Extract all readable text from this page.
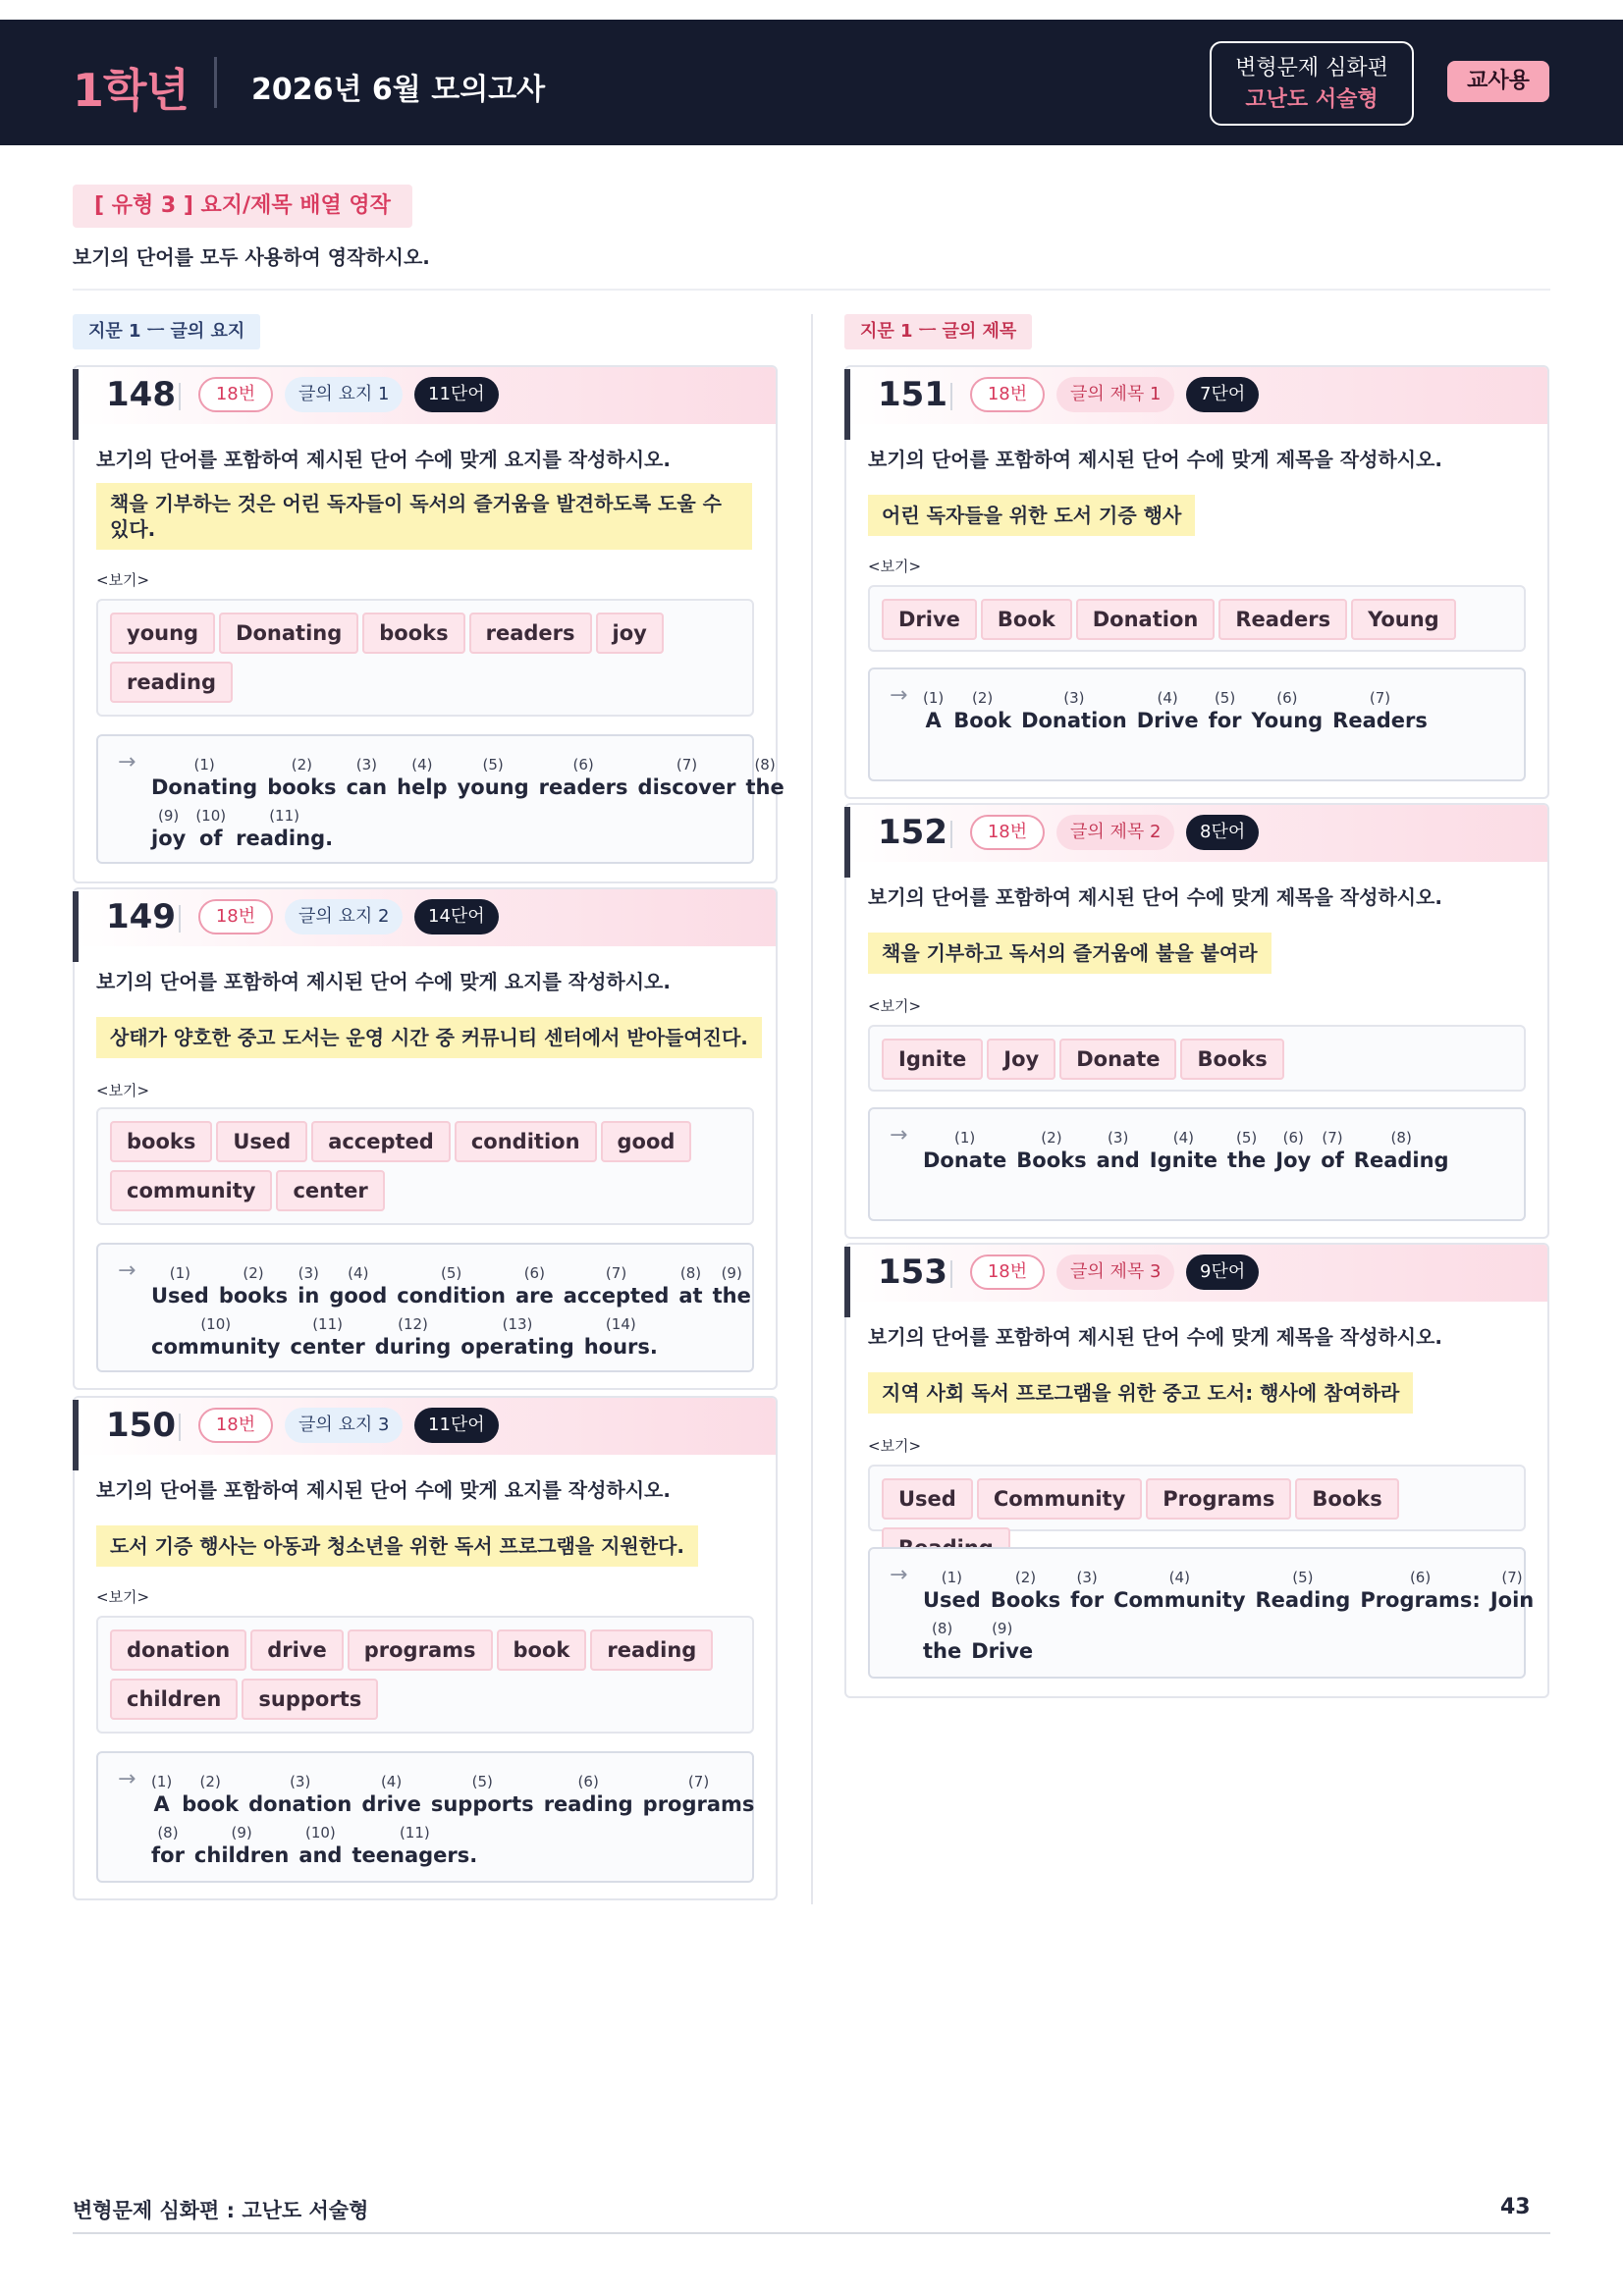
1학년 2026년 6월 모의고사
변형문제 심화편
고난도 서술형
교사용
[ 유형 3 ] 요지/제목 배열 영작
보기의 단어를 모두 사용하여 영작하시오.
지문 1 ㅡ 글의 요지	지문 1 ㅡ 글의 제목
148	18번	글의 요지 1	11단어
보기의 단어를 포함하여 제시된 단어 수에 맞게 요지를 작성하시오.
책을 기부하는 것은 어린 독자들이 독서의 즐거움을 발견하도록 도울 수 있다.
<보기>
young Donating books readers joyreading
→	(1)
Donating
(2)
books
(3)
can
(4)
help
(5)
young
(6)
readers
(7)
discover
(8)
the
(9)
joy
(10)
of
(11)
reading.
149	18번	글의 요지 2	14단어
보기의 단어를 포함하여 제시된 단어 수에 맞게 요지를 작성하시오.
상태가 양호한 중고 도서는 운영 시간 중 커뮤니티 센터에서 받아들여진다.
<보기>
books Used accepted condition goodcommunity center
→ (1)
Used
(2)
books
(3)
in
(4)
good
(5)
condition
(6)
are
(7)
accepted
(8)
at
(9)
the
(10)
community
(11)
center
(12)
during
(13)
operating
(14)
hours.
150	18번	글의 요지 3	11단어
보기의 단어를 포함하여 제시된 단어 수에 맞게 요지를 작성하시오.
도서 기증 행사는 아동과 청소년을 위한 독서 프로그램을 지원한다.
<보기>
donation drive programs book readingchildren supports
→ (1)
A
(2)
book
(3)
donation
(4)
drive
(5)
supports
(6)
reading
(7)
programs
(8)
for
(9)
children
(10)
and
(11)
teenagers.
151	18번	글의 제목 1	7단어
보기의 단어를 포함하여 제시된 단어 수에 맞게 제목을 작성하시오.
어린 독자들을 위한 도서 기증 행사
<보기>
Drive Book Donation Readers Young
→ (1)
A
(2)
Book
(3)
Donation
(4)
Drive
(5)
for
(6)
Young
(7)
Readers
152	18번	글의 제목 2	8단어
보기의 단어를 포함하여 제시된 단어 수에 맞게 제목을 작성하시오.
책을 기부하고 독서의 즐거움에 불을 붙여라
<보기>
Ignite Joy Donate Books
→	(1)
Donate
(2)
Books
(3)
and
(4)
Ignite
(5)
the
(6)
Joy
(7)
of
(8)
Reading
153	18번	글의 제목 3	9단어
보기의 단어를 포함하여 제시된 단어 수에 맞게 제목을 작성하시오.
지역 사회 독서 프로그램을 위한 중고 도서: 행사에 참여하라
<보기>
Used Community Programs Books
→ (1)
Used
(2)
Books
(3)
for
(4)
Community
(5)
Reading
(6)
Programs:
(7)
Join
(8)
the
(9)
Drive
변형문제 심화편 : 고난도 서술형	43
